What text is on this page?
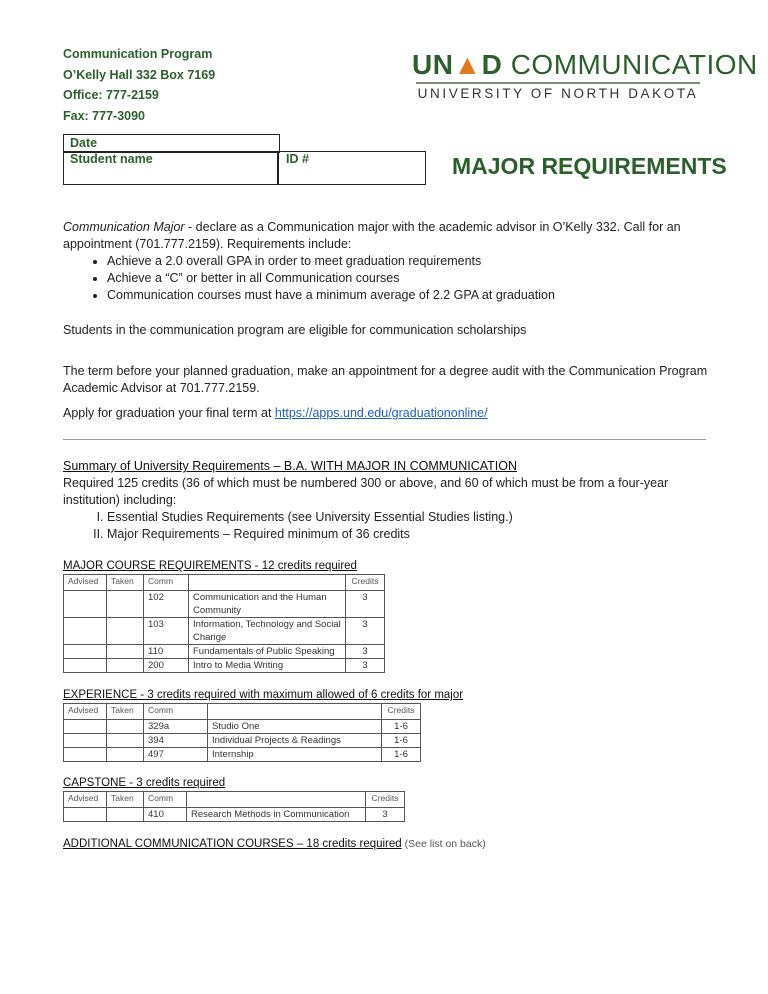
Communication Program
O’Kelly Hall 332 Box 7169
Office: 777-2159
Fax: 777-3090
UN▲D COMMUNICATION
UNIVERSITY OF NORTH DAKOTA
Date
Student name	ID #	MAJOR REQUIREMENTS
Communication Major - declare as a Communication major with the academic advisor in O’Kelly 332. Call for an appointment (701.777.2159). Requirements include:
• Achieve a 2.0 overall GPA in order to meet graduation requirements
• Achieve a “C” or better in all Communication courses
• Communication courses must have a minimum average of 2.2 GPA at graduation
Students in the communication program are eligible for communication scholarships
The term before your planned graduation, make an appointment for a degree audit with the Communication Program Academic Advisor at 701.777.2159.
Apply for graduation your final term at https://apps.und.edu/graduationonline/
Summary of University Requirements – B.A. WITH MAJOR IN COMMUNICATION
Required 125 credits (36 of which must be numbered 300 or above, and 60 of which must be from a four-year institution) including:
I. Essential Studies Requirements (see University Essential Studies listing.)
II. Major Requirements – Required minimum of 36 credits
MAJOR COURSE REQUIREMENTS - 12 credits required
Advised	Taken	Comm		Credits
		102	Communication and the Human Community	3
		103	Information, Technology and Social Change	3
		110	Fundamentals of Public Speaking	3
		200	Intro to Media Writing	3
EXPERIENCE - 3 credits required with maximum allowed of 6 credits for major
Advised	Taken	Comm		Credits
		329a	Studio One	1-6
		394	Individual Projects & Readings	1-6
		497	Internship	1-6
CAPSTONE - 3 credits required
Advised	Taken	Comm		Credits
		410	Research Methods in Communication	3
ADDITIONAL COMMUNICATION COURSES – 18 credits required (See list on back)
